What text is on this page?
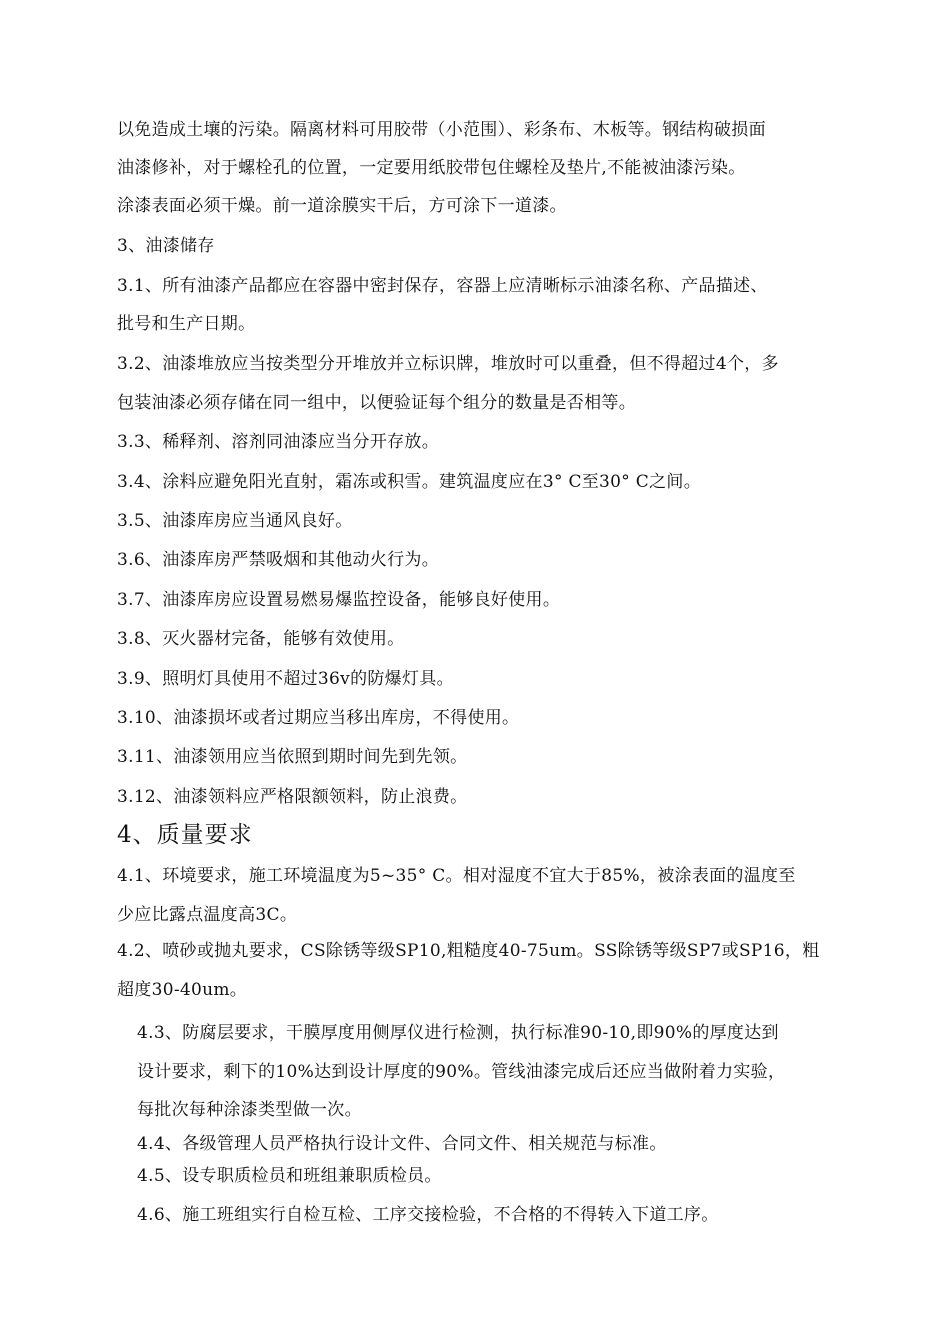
以免造成土壤的污染。隔离材料可用胶带（小范围）、彩条布、木板等。钢结构破损面
油漆修补，对于螺栓孔的位置，一定要用纸胶带包住螺栓及垫片,不能被油漆污染。
涂漆表面必须干燥。前一道涂膜实干后，方可涂下一道漆。
3、油漆储存
3.1、所有油漆产品都应在容器中密封保存，容器上应清晰标示油漆名称、产品描述、
批号和生产日期。
3.2、油漆堆放应当按类型分开堆放并立标识牌，堆放时可以重叠，但不得超过4个，多
包装油漆必须存储在同一组中，以便验证每个组分的数量是否相等。
3.3、稀释剂、溶剂同油漆应当分开存放。
3.4、涂料应避免阳光直射，霜冻或积雪。建筑温度应在3° C至30° C之间。
3.5、油漆库房应当通风良好。
3.6、油漆库房严禁吸烟和其他动火行为。
3.7、油漆库房应设置易燃易爆监控设备，能够良好使用。
3.8、灭火器材完备，能够有效使用。
3.9、照明灯具使用不超过36v的防爆灯具。
3.10、油漆损坏或者过期应当移出库房，不得使用。
3.11、油漆领用应当依照到期时间先到先领。
3.12、油漆领料应严格限额领料，防止浪费。
4、质量要求
4.1、环境要求，施工环境温度为5~35° C。相对湿度不宜大于85%，被涂表面的温度至
少应比露点温度高3C。
4.2、喷砂或抛丸要求，CS除锈等级SP10,粗糙度40-75um。SS除锈等级SP7或SP16，粗
超度30-40um。
4.3、防腐层要求，干膜厚度用侧厚仪进行检测，执行标准90-10,即90%的厚度达到
设计要求，剩下的10%达到设计厚度的90%。管线油漆完成后还应当做附着力实验，
每批次每种涂漆类型做一次。
4.4、各级管理人员严格执行设计文件、合同文件、相关规范与标准。
4.5、设专职质检员和班组兼职质检员。
4.6、施工班组实行自检互检、工序交接检验，不合格的不得转入下道工序。
